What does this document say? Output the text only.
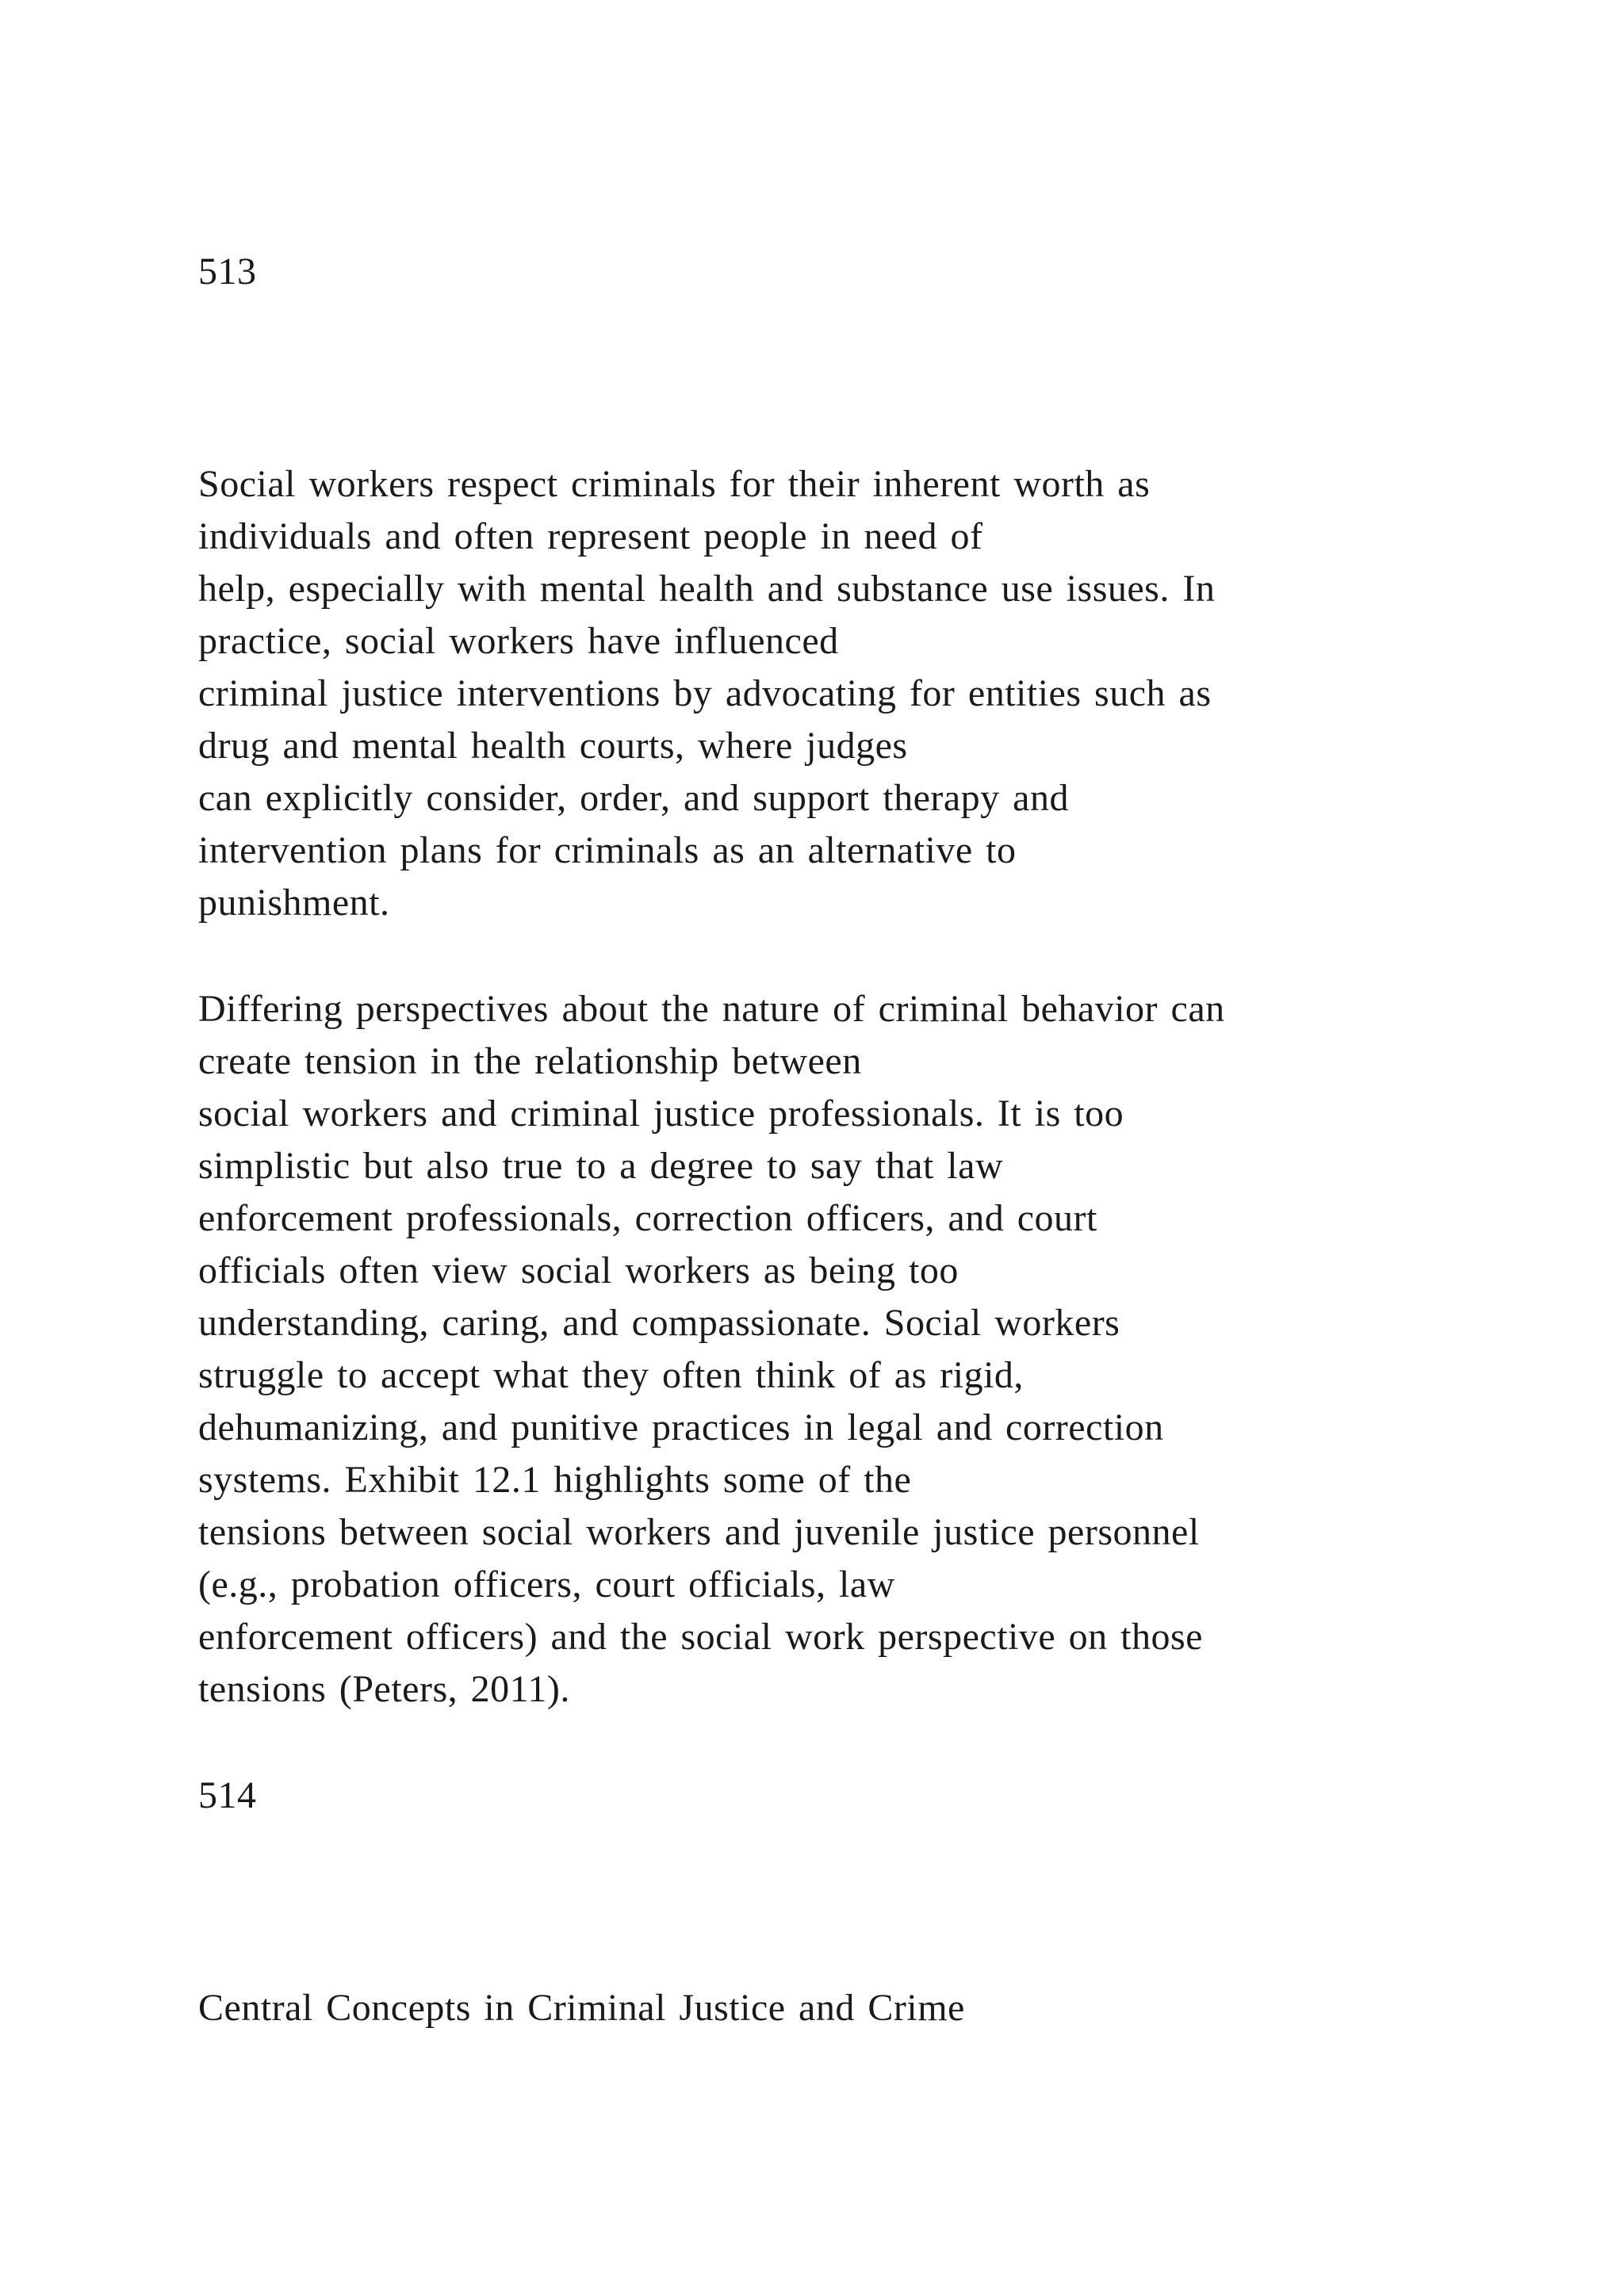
513
Social workers respect criminals for their inherent worth as
individuals and often represent people in need of
help, especially with mental health and substance use issues. In
practice, social workers have influenced
criminal justice interventions by advocating for entities such as
drug and mental health courts, where judges
can explicitly consider, order, and support therapy and
intervention plans for criminals as an alternative to
punishment.
Differing perspectives about the nature of criminal behavior can
create tension in the relationship between
social workers and criminal justice professionals. It is too
simplistic but also true to a degree to say that law
enforcement professionals, correction officers, and court
officials often view social workers as being too
understanding, caring, and compassionate. Social workers
struggle to accept what they often think of as rigid,
dehumanizing, and punitive practices in legal and correction
systems. Exhibit 12.1 highlights some of the
tensions between social workers and juvenile justice personnel
(e.g., probation officers, court officials, law
enforcement officers) and the social work perspective on those
tensions (Peters, 2011).
514
Central Concepts in Criminal Justice and Crime
